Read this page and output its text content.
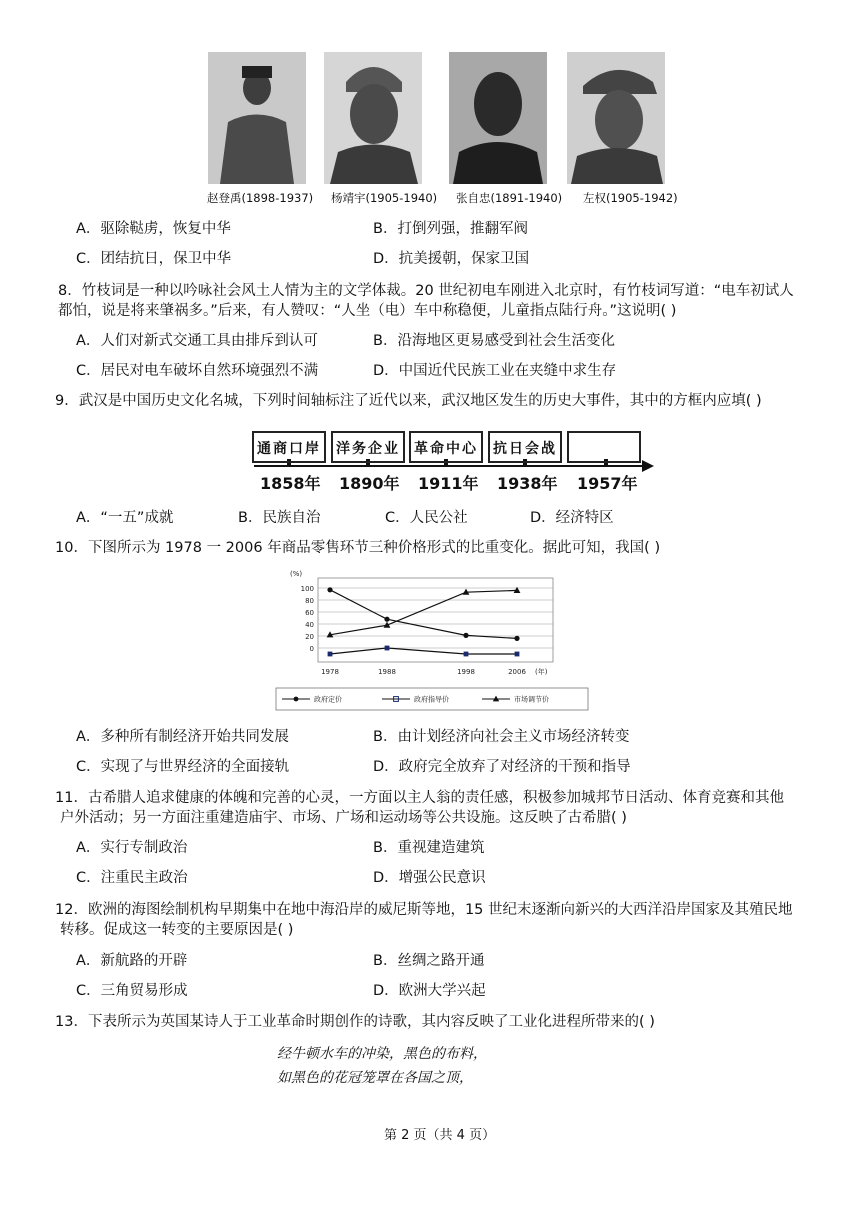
赵登禹(1898-1937) 杨靖宇(1905-1940) 张自忠(1891-1940) 左权(1905-1942)
A．驱除鞑虏，恢复中华	B．打倒列强，推翻军阀
C．团结抗日，保卫中华	D．抗美援朝，保家卫国
8．竹枝词是一种以吟咏社会风土人情为主的文学体裁。20 世纪初电车刚进入北京时，有竹枝词写道：“电车初试人
都怕，说是将来肇祸多。”后来，有人赞叹：“人坐（电）车中称稳便，儿童指点陆行舟。”这说明( )
A．人们对新式交通工具由排斥到认可	B．沿海地区更易感受到社会生活变化
C．居民对电车破坏自然环境强烈不满	D．中国近代民族工业在夹缝中求生存
9．武汉是中国历史文化名城，下列时间轴标注了近代以来，武汉地区发生的历史大事件，其中的方框内应填( )
通商口岸	洋务企业	革命中心	抗日会战
1858年 1890年 1911年 1938年 1957年
A．“一五”成就	B．民族自治	C．人民公社	D．经济特区
10．下图所示为 1978 一 2006 年商品零售环节三种价格形式的比重变化。据此可知，我国( )
100
80
60
40
20
0
(%)
1978	1988	1998	2006 (年)
政府定价	政府指导价	市场调节价
A．多种所有制经济开始共同发展	B．由计划经济向社会主义市场经济转变
C．实现了与世界经济的全面接轨	D．政府完全放弃了对经济的干预和指导
11．古希腊人追求健康的体魄和完善的心灵，一方面以主人翁的责任感，积极参加城邦节日活动、体育竞赛和其他
户外活动；另一方面注重建造庙宇、市场、广场和运动场等公共设施。这反映了古希腊( )
A．实行专制政治	B．重视建造建筑
C．注重民主政治	D．增强公民意识
12．欧洲的海图绘制机构早期集中在地中海沿岸的威尼斯等地，15 世纪末逐渐向新兴的大西洋沿岸国家及其殖民地
转移。促成这一转变的主要原因是( )
A．新航路的开辟	B．丝绸之路开通
C．三角贸易形成	D．欧洲大学兴起
13．下表所示为英国某诗人于工业革命时期创作的诗歌，其内容反映了工业化进程所带来的( )
经牛顿水车的冲染，黑色的布料，
如黑色的花冠笼罩在各国之顶，
第 2 页（共 4 页）
